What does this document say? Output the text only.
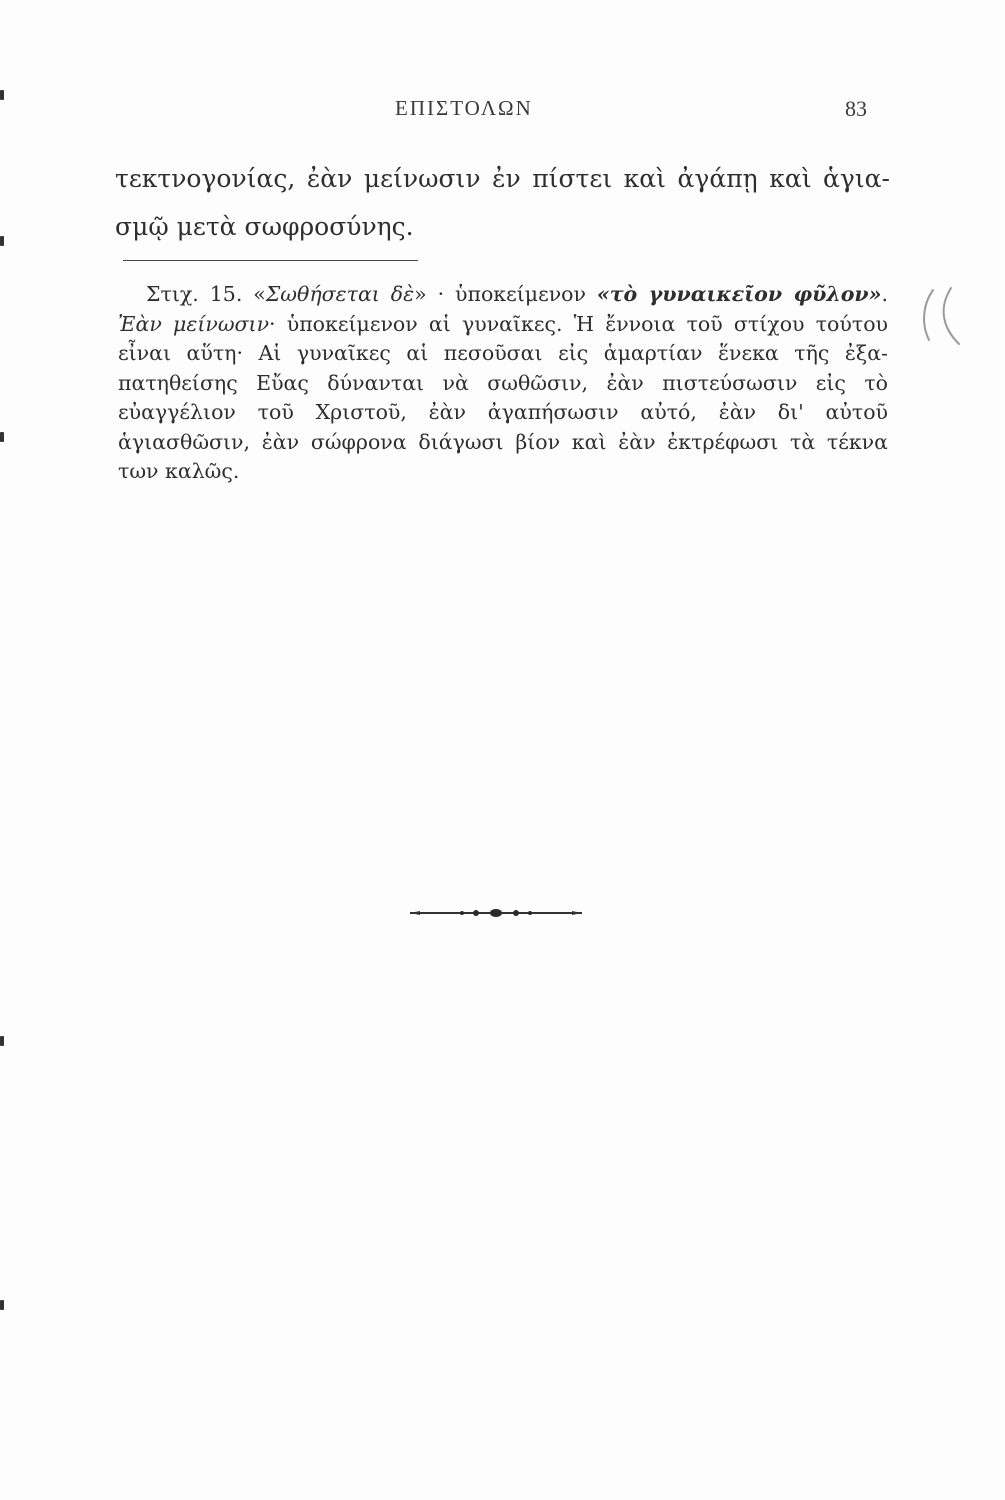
ΕΠΙΣΤΟΛΩΝ	83
τεκτνογονίας, ἐὰν μείνωσιν ἐν πίστει καὶ ἀγάπῃ καὶ ἁγια-
σμῷ μετὰ σωφροσύνης.
Στιχ. 15. «Σωθήσεται δὲ» · ὑποκείμενον «τὸ γυναικεῖον φῦλον».
Ἐὰν μείνωσιν· ὑποκείμενον αἱ γυναῖκες. Ἡ ἔννοια τοῦ στίχου τούτου
εἶναι αὕτη· Αἱ γυναῖκες αἱ πεσοῦσαι εἰς ἁμαρτίαν ἕνεκα τῆς ἐξα-
πατηθείσης Εὔας δύνανται νὰ σωθῶσιν, ἐὰν πιστεύσωσιν εἰς τὸ
εὐαγγέλιον τοῦ Χριστοῦ, ἐὰν ἀγαπήσωσιν αὐτό, ἐὰν δι' αὐτοῦ
ἁγιασθῶσιν, ἐὰν σώφρονα διάγωσι βίον καὶ ἐὰν ἐκτρέφωσι τὰ τέκνα
των καλῶς.
